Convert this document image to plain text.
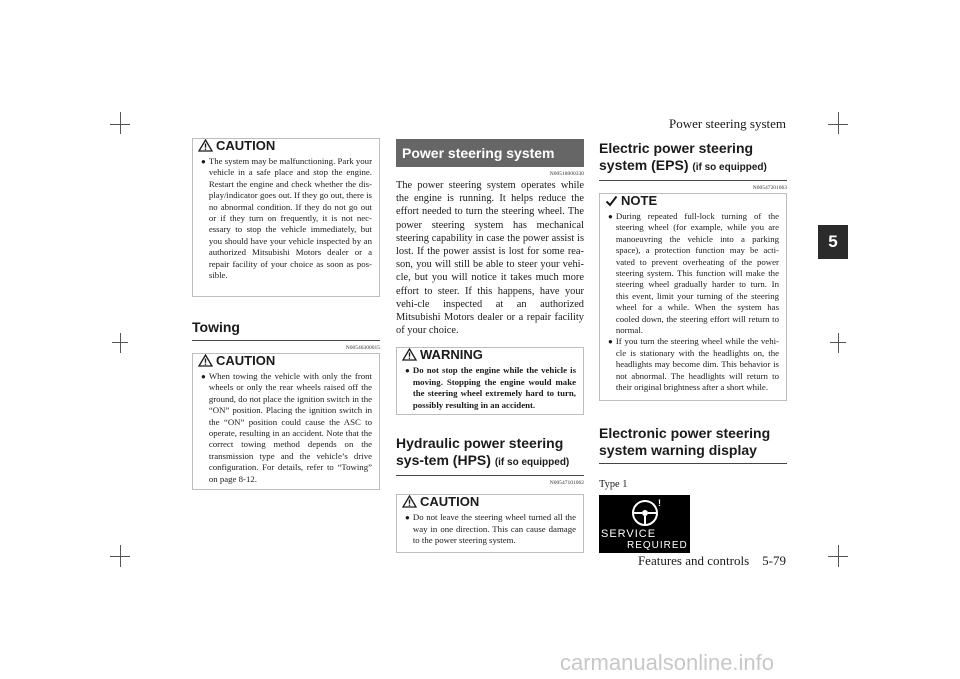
Power steering system
Features and controls 5-79
5
CAUTION
● The system may be malfunctioning. Park your vehicle in a safe place and stop the engine. Restart the engine and check whether the dis-play/indicator goes out. If they go out, there is no abnormal condition. If they do not go out or if they turn on frequently, it is not nec-essary to stop the vehicle immediately, but you should have your vehicle inspected by an authorized Mitsubishi Motors dealer or a repair facility of your choice as soon as pos-sible.
Towing
N00546300015
CAUTION
● When towing the vehicle with only the front wheels or only the rear wheels raised off the ground, do not place the ignition switch in the “ON” position. Placing the ignition switch in the “ON” position could cause the ASC to operate, resulting in an accident. Note that the correct towing method depends on the transmission type and the vehicle’s drive configuration. For details, refer to “Towing” on page 8-12.
Power steering system
N00518000330
The power steering system operates while the engine is running. It helps reduce the effort needed to turn the steering wheel. The power steering system has mechanical steering capability in case the power assist is lost. If the power assist is lost for some rea-son, you will still be able to steer your vehi-cle, but you will notice it takes much more effort to steer. If this happens, have your vehi-cle inspected at an authorized Mitsubishi Motors dealer or a repair facility of your choice.
WARNING
● Do not stop the engine while the vehicle is moving. Stopping the engine would make the steering wheel extremely hard to turn, possibly resulting in an accident.
Hydraulic power steering sys-tem (HPS) (if so equipped)
N00547101062
CAUTION
● Do not leave the steering wheel turned all the way in one direction. This can cause damage to the power steering system.
Electric power steering system (EPS) (if so equipped)
N00547201063
NOTE
● During repeated full-lock turning of the steering wheel (for example, while you are manoeuvring the vehicle into a parking space), a protection function may be acti-vated to prevent overheating of the power steering system. This function will make the steering wheel gradually harder to turn. In this event, limit your turning of the steering wheel for a while. When the system has cooled down, the steering effort will return to normal.
● If you turn the steering wheel while the vehi-cle is stationary with the headlights on, the headlights may become dim. This behavior is not abnormal. The headlights will return to their original brightness after a short while.
Electronic power steering system warning display
Type 1
!
SERVICE
REQUIRED
carmanualsonline.info
